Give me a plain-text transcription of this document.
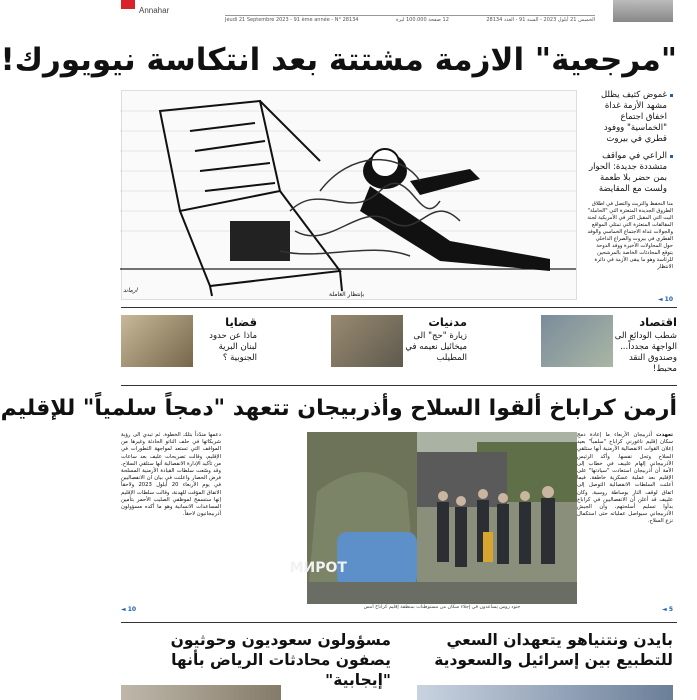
Annahar
الخميس 21 أيلول 2023 - السنة 91 - العدد 28134
12 صفحة 100.000 ليرة
Jeudi 21 Septembre 2023 - 91 ème année - N° 28134
"مرجعية" الازمة مشتتة بعد انتكاسة نيويورك!
بإنتظار العاملة
ارماند

غموض كثيف يظلل مشهد الأزمة غداة اخفاق اجتماع "الخماسية" ووفود قطري في بيروت

الراعي في مواقف متشددة جديدة: الحوار بمن حضر بلا طعمة ولست مع المقايضة

منا النحفظ والتريث والتصل في اطلاق الطروق الجديدة المتعثرة التي "الحاملة" اليت التي المقبل اكثر في الأمريكية لجنة المقالقات المتعثرة التي تمثلي المواقع والجولات غداة الاجتماع الخماسي والوفد القطري في بيروت والصراع الداخلي حول المحاولات الأخيرة ووفد الدوحة يتوقع المحادثات الخاصة بالمرشحين للرئاسة وهو ما يبقى الأزمة في دائرة الانتظار

10 ◄
اقتصاد
شطب الودائع الى الواجهة مجدداً... وصندوق النقد محبط!
مدنيات
زيارة "حج" الى ميخائيل نعيمه في المطيلب
قضايا
ماذا عن حدود لبنان البرية الجنوبية ؟
أرمن كراباخ ألقوا السلاح وأذربيجان تتعهد "دمجاً سلمياً" للإقليم
تعهدت أذربيجان الأربعاء ما إعادة دمج سكان إقليم ناغورني كراباخ "سلمياً" بعيد إعلان القوات الانفصالية الأرمنية أنها ستلقي السلاح وتحل نفسها. وأكد الرئيس الأذربيجاني إلهام علييف في خطاب إلى الأمة أن أذربيجان استعادت "سيادتها" على الإقليم بعد عملية عسكرية خاطفة، فيما أعلنت السلطات الانفصالية التوصل إلى اتفاق لوقف النار بوساطة روسية. وكان علييف قد أعلن أن الانفصاليين في كراباخ بدأوا تسليم أسلحتهم، وأن الجيش الأذربيجاني سيواصل عملياته حتى استكمال نزع السلاح.
5 ◄
دعمها مندّداً بتلك الخطوة. ثم تبدي الى رؤية شريكاتها في حلف الناتو الحادثة وغيرها من المواقف التي تستعد لمواجهة التطورات في الإقليم، وقالت تصريحات عليف بعد ساعات من تأكيد الإدارة الانفصالية أنها ستلقي السلاح، وقد وسّعت سلطات القيادة الأرمنية المسلحة فرض الحصار واعلنت في بيان ان الانفصاليين في يوم الأربعاء 20 أيلول 2023 ولاحقاً الاتفاق المؤقت للهدنة، وقالت سلطات الإقليم إنها ستسمح لموظفي الصليب الأحمر بتأمين المساعدات الانسانية وهو ما أكده مسؤولون أذربيجانيون لاحقاً.
10 ◄
МИРОТ
جنود روس يساعدون في إجلاء سكان من مستوطنات بمنطقة إقليم كراباخ أمس
بايدن ونتنياهو يتعهدان السعي للتطبيع بين إسرائيل والسعودية
مسؤولون سعوديون وحوثيون يصفون محادثات الرياض بأنها "إيجابية"
